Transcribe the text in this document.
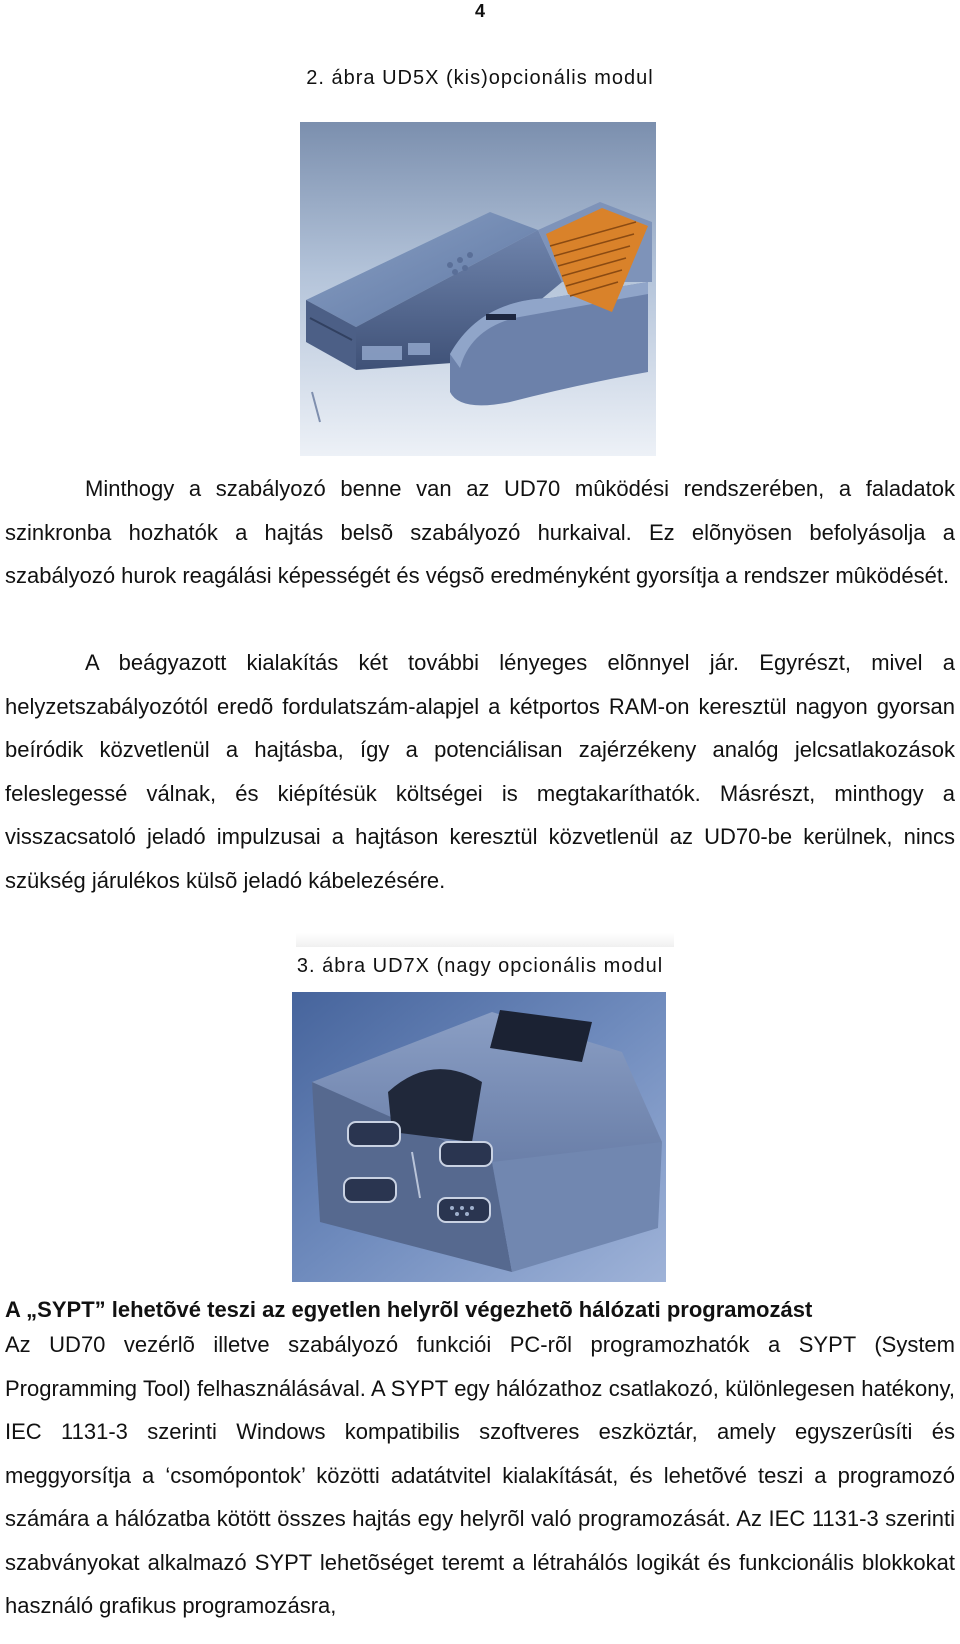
4
2. ábra UD5X (kis)opcionális modul

Minthogy a szabályozó benne van az UD70 mûködési rendszerében, a faladatok szinkronba hozhatók a hajtás belsõ szabályozó hurkaival. Ez elõnyösen befolyásolja a szabályozó hurok reagálási képességét és végsõ eredményként gyorsítja a rendszer mûködését.

A beágyazott kialakítás két további lényeges elõnnyel jár. Egyrészt, mivel a helyzetszabályozótól eredõ fordulatszám-alapjel a kétportos RAM-on keresztül nagyon gyorsan beíródik közvetlenül a hajtásba, így a potenciálisan zajérzékeny analóg jelcsatlakozások feleslegessé válnak, és kiépítésük költségei is megtakaríthatók. Másrészt, minthogy a visszacsatoló jeladó impulzusai a hajtáson keresztül közvetlenül az UD70-be kerülnek, nincs szükség járulékos külsõ jeladó kábelezésére.

3. ábra UD7X (nagy opcionális modul
A „SYPT” lehetõvé teszi az egyetlen helyrõl végezhetõ hálózati programozást

Az UD70 vezérlõ illetve szabályozó funkciói PC-rõl programozhatók a SYPT (System Programming Tool) felhasználásával. A SYPT egy hálózathoz csatlakozó, különlegesen hatékony, IEC 1131-3 szerinti Windows kompatibilis szoftveres eszköztár, amely egyszerûsíti és meggyorsítja a ‘csomópontok’ közötti adatátvitel kialakítását, és lehetõvé teszi a programozó számára a hálózatba kötött összes hajtás egy helyrõl való programozását. Az IEC 1131-3 szerinti szabványokat alkalmazó SYPT lehetõséget teremt a létrahálós logikát és funkcionális blokkokat használó grafikus programozásra,
